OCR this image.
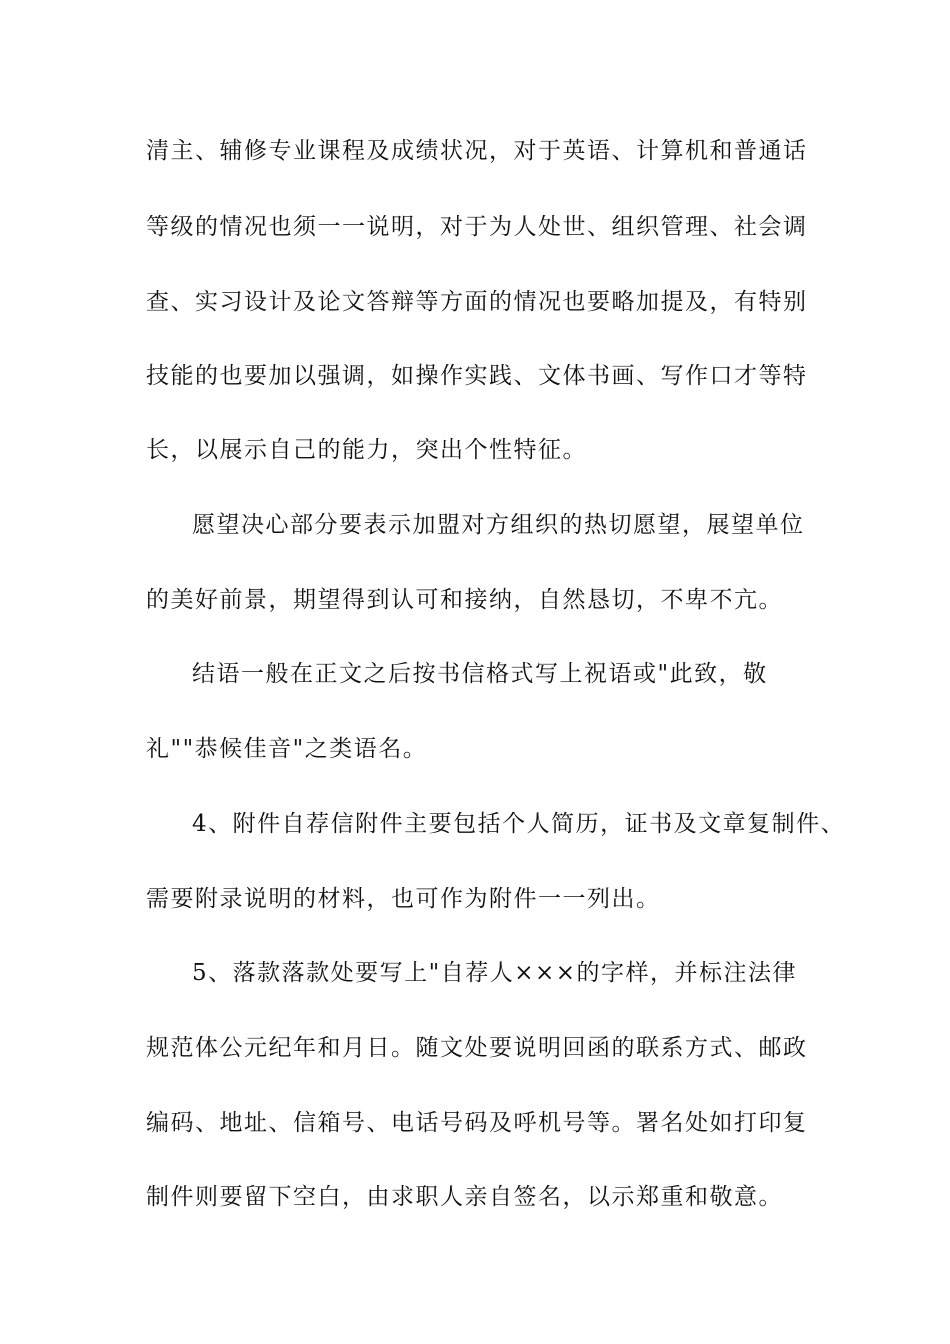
清主、辅修专业课程及成绩状况，对于英语、计算机和普通话
等级的情况也须一一说明，对于为人处世、组织管理、社会调
查、实习设计及论文答辩等方面的情况也要略加提及，有特别
技能的也要加以强调，如操作实践、文体书画、写作口才等特
长，以展示自己的能力，突出个性特征。
愿望决心部分要表示加盟对方组织的热切愿望，展望单位
的美好前景，期望得到认可和接纳，自然恳切，不卑不亢。
结语一般在正文之后按书信格式写上祝语或"此致，敬
礼""恭候佳音"之类语名。
4、附件自荐信附件主要包括个人简历，证书及文章复制件、
需要附录说明的材料，也可作为附件一一列出。
5、落款落款处要写上"自荐人×××的字样，并标注法律
规范体公元纪年和月日。随文处要说明回函的联系方式、邮政
编码、地址、信箱号、电话号码及呼机号等。署名处如打印复
制件则要留下空白，由求职人亲自签名，以示郑重和敬意。
